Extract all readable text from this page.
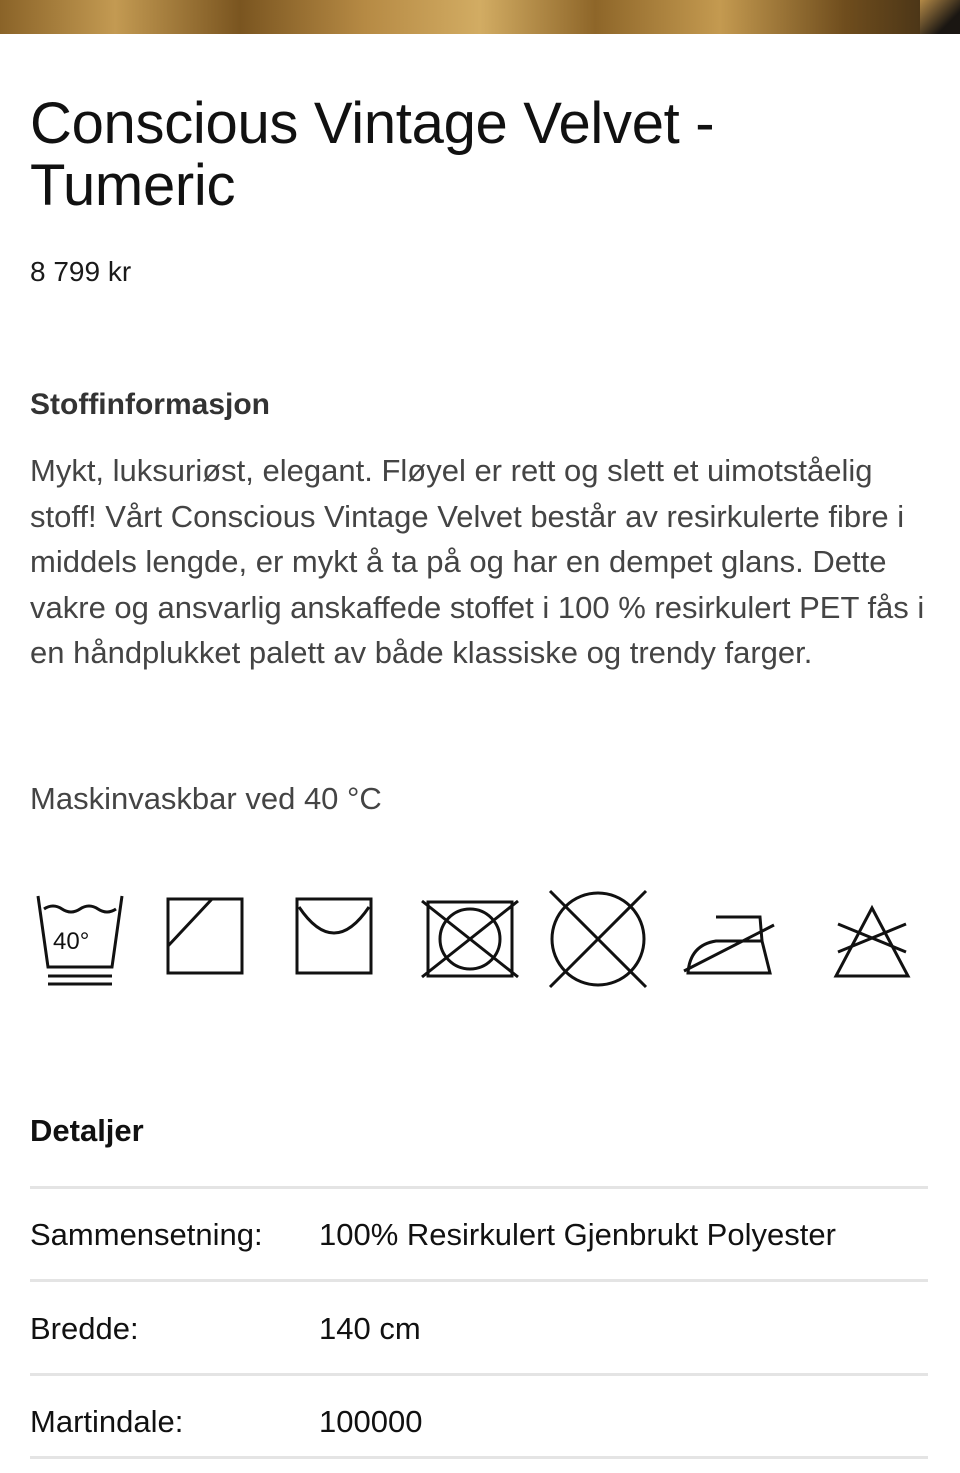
Conscious Vintage Velvet - Tumeric
8 799 kr
Stoffinformasjon

Mykt, luksuriøst, elegant. Fløyel er rett og slett et uimotståelig stoff! Vårt Conscious Vintage Velvet består av resirkulerte fibre i middels lengde, er mykt å ta på og har en dempet glans. Dette vakre og ansvarlig anskaffede stoffet i 100 % resirkulert PET fås i en håndplukket palett av både klassiske og trendy farger.

Maskinvaskbar ved 40 °C
40°
Detaljer
Sammensetning: 100% Resirkulert Gjenbrukt Polyester
Bredde:	140 cm
Martindale:	100000
